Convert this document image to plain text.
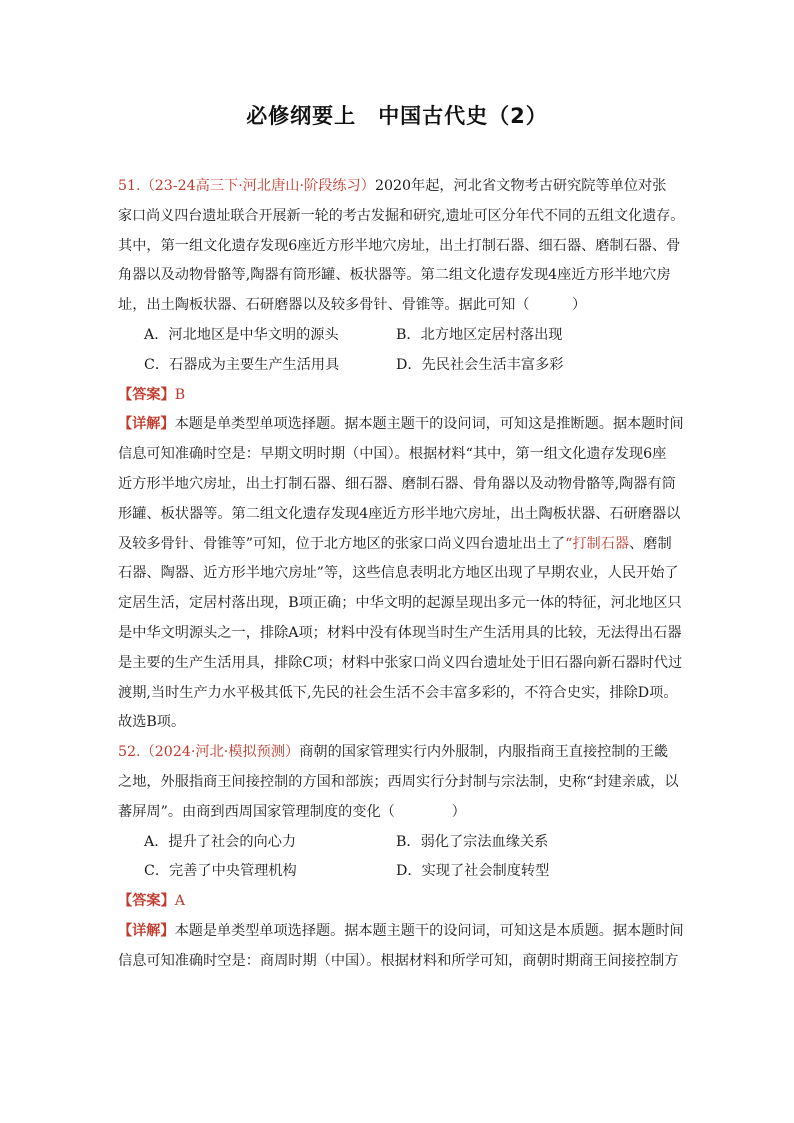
必修纲要上 中国古代史（2）
51.（23-24高三下·河北唐山·阶段练习）2020年起，河北省文物考古研究院等单位对张
家口尚义四台遗址联合开展新一轮的考古发掘和研究,遗址可区分年代不同的五组文化遗存。
其中，第一组文化遗存发现6座近方形半地穴房址，出土打制石器、细石器、磨制石器、骨
角器以及动物骨骼等,陶器有筒形罐、板状器等。第二组文化遗存发现4座近方形半地穴房
址，出土陶板状器、石研磨器以及较多骨针、骨锥等。据此可知（　　　）
A．河北地区是中华文明的源头	B．北方地区定居村落出现
C．石器成为主要生产生活用具	D．先民社会生活丰富多彩
【答案】B
【详解】本题是单类型单项选择题。据本题主题干的设问词，可知这是推断题。据本题时间
信息可知准确时空是：早期文明时期（中国）。根据材料“其中，第一组文化遗存发现6座
近方形半地穴房址，出土打制石器、细石器、磨制石器、骨角器以及动物骨骼等,陶器有筒
形罐、板状器等。第二组文化遗存发现4座近方形半地穴房址，出土陶板状器、石研磨器以
及较多骨针、骨锥等”可知，位于北方地区的张家口尚义四台遗址出土了“打制石器、磨制
石器、陶器、近方形半地穴房址”等，这些信息表明北方地区出现了早期农业，人民开始了
定居生活，定居村落出现，B项正确；中华文明的起源呈现出多元一体的特征，河北地区只
是中华文明源头之一，排除A项；材料中没有体现当时生产生活用具的比较，无法得出石器
是主要的生产生活用具，排除C项；材料中张家口尚义四台遗址处于旧石器向新石器时代过
渡期,当时生产力水平极其低下,先民的社会生活不会丰富多彩的，不符合史实，排除D项。
故选B项。
52.（2024·河北·模拟预测）商朝的国家管理实行内外服制，内服指商王直接控制的王畿
之地，外服指商王间接控制的方国和部族；西周实行分封制与宗法制，史称“封建亲戚，以
蕃屏周”。由商到西周国家管理制度的变化（　　　　）
A．提升了社会的向心力	B．弱化了宗法血缘关系
C．完善了中央管理机构	D．实现了社会制度转型
【答案】A
【详解】本题是单类型单项选择题。据本题主题干的设问词，可知这是本质题。据本题时间
信息可知准确时空是：商周时期（中国）。根据材料和所学可知，商朝时期商王间接控制方
